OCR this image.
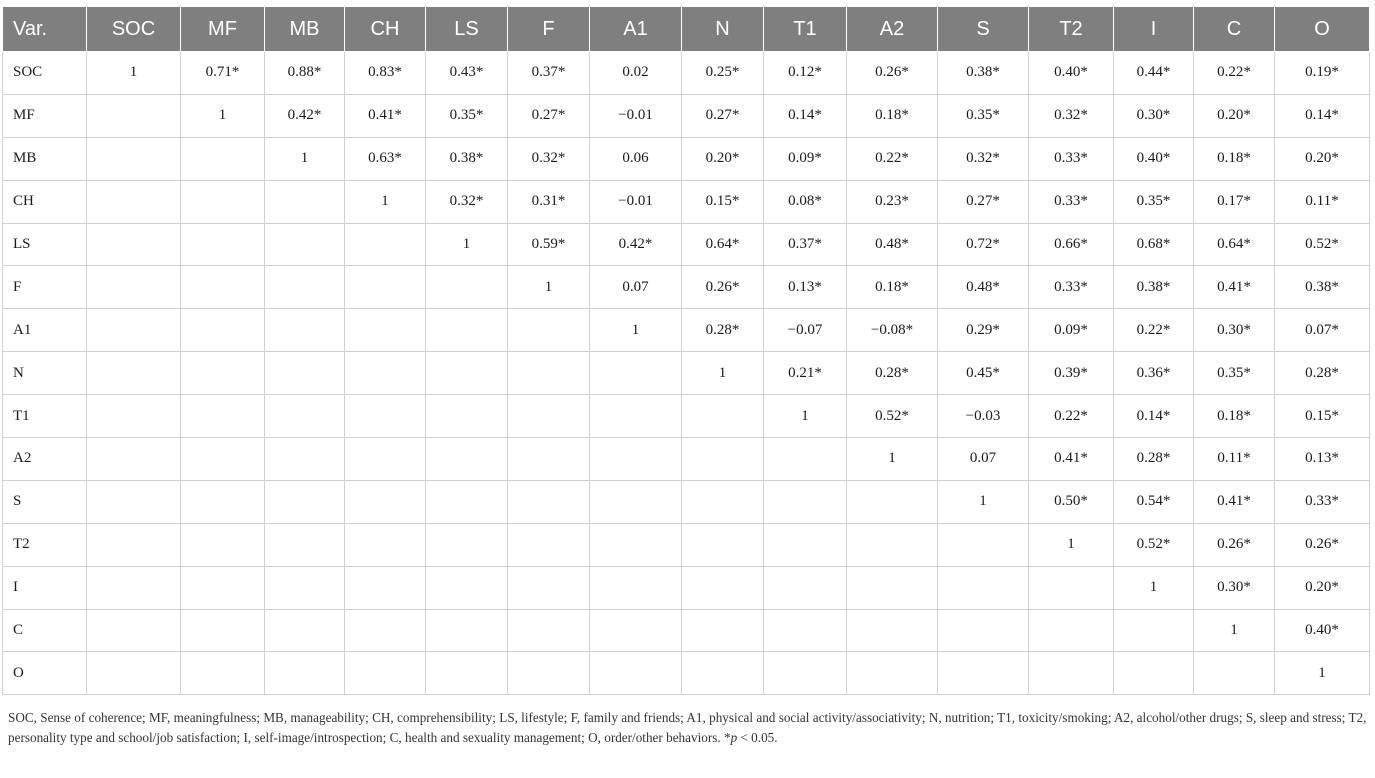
Var.	SOC	MF	MB	CH	LS	F	A1	N	T1	A2	S	T2	I	C	O
SOC	1	0.71*	0.88*	0.83*	0.43*	0.37*	0.02	0.25*	0.12*	0.26*	0.38*	0.40*	0.44*	0.22*	0.19*
MF		1	0.42*	0.41*	0.35*	0.27*	−0.01	0.27*	0.14*	0.18*	0.35*	0.32*	0.30*	0.20*	0.14*
MB			1	0.63*	0.38*	0.32*	0.06	0.20*	0.09*	0.22*	0.32*	0.33*	0.40*	0.18*	0.20*
CH				1	0.32*	0.31*	−0.01	0.15*	0.08*	0.23*	0.27*	0.33*	0.35*	0.17*	0.11*
LS					1	0.59*	0.42*	0.64*	0.37*	0.48*	0.72*	0.66*	0.68*	0.64*	0.52*
F						1	0.07	0.26*	0.13*	0.18*	0.48*	0.33*	0.38*	0.41*	0.38*
A1							1	0.28*	−0.07	−0.08*	0.29*	0.09*	0.22*	0.30*	0.07*
N								1	0.21*	0.28*	0.45*	0.39*	0.36*	0.35*	0.28*
T1									1	0.52*	−0.03	0.22*	0.14*	0.18*	0.15*
A2										1	0.07	0.41*	0.28*	0.11*	0.13*
S											1	0.50*	0.54*	0.41*	0.33*
T2												1	0.52*	0.26*	0.26*
I													1	0.30*	0.20*
C														1	0.40*
O															1
SOC, Sense of coherence; MF, meaningfulness; MB, manageability; CH, comprehensibility; LS, lifestyle; F, family and friends; A1, physical and social activity/associativity; N, nutrition; T1, toxicity/smoking; A2, alcohol/other drugs; S, sleep and stress; T2, personality type and school/job satisfaction; I, self-image/introspection; C, health and sexuality management; O, order/other behaviors. *p < 0.05.
